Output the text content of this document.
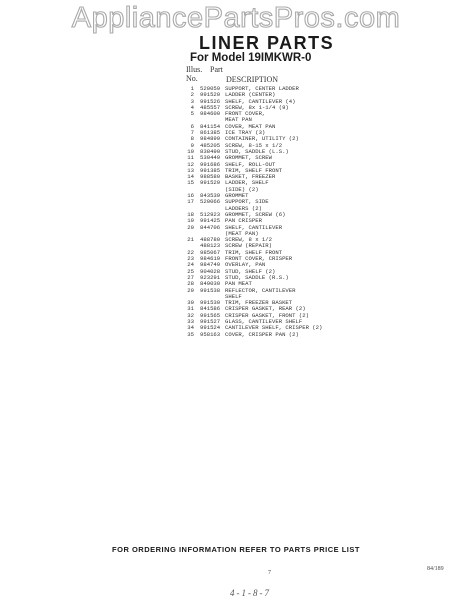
AppliancePartsPros.com
LINER PARTS
For Model 19IMKWR-0
Illus. Part
No.	DESCRIPTION
1 520059 SUPPORT, CENTER LADDER
2 991520 LADDER (CENTER)
3 991526 SHELF, CANTILEVER (4)
4 485557 SCREW, 8x 1-1/4 (9)
5 984600 FRONT COVER,
MEAT PAN
6 841154 COVER, MEAT PAN
7 861385 ICE TRAY (3)
8 984899 CONTAINER, UTILITY (2)
9 485205 SCREW, 8-15 x 1/2
10 838490 STUD, SADDLE (L.S.)
11 530449 GROMMET, SCREW
12 991686 SHELF, ROLL-OUT
13 991385 TRIM, SHELF FRONT
14 988580 BASKET, FREEZER
15 991529 LADDER, SHELF
(SIDE) (2)
16 843539 GROMMET
17 520066 SUPPORT, SIDE
LADDERS (2)
18 512923 GROMMET, SCREW (6)
19 991425 PAN CRISPER
20 844706 SHELF, CANTILEVER
(MEAT PAN)
21 488780 SCREW, 8 x 1/2
488123 SCREW (REPAIR)
22 985067 TRIM, SHELF FRONT
23 984619 FRONT COVER, CRISPER
24 984749 OVERLAY, PAN
25 904028 STUD, SHELF (2)
27 923291 STUD, SADDLE (R.S.)
28 849030 PAN MEAT
29 991538 REFLECTOR, CANTILEVER
SHELF
30 991530 TRIM, FREEZER BASKET
31 841586 CRISPER GASKET, REAR (2)
32 991565 CRISPER GASKET, FRONT (2)
33 991527 GLASS, CANTILEVER SHELF
34 991524 CANTILEVER SHELF, CRISPER (2)
35 958163 COVER, CRISPER PAN (2)
FOR ORDERING INFORMATION REFER TO PARTS PRICE LIST
7
84/189
4-1-8-7
